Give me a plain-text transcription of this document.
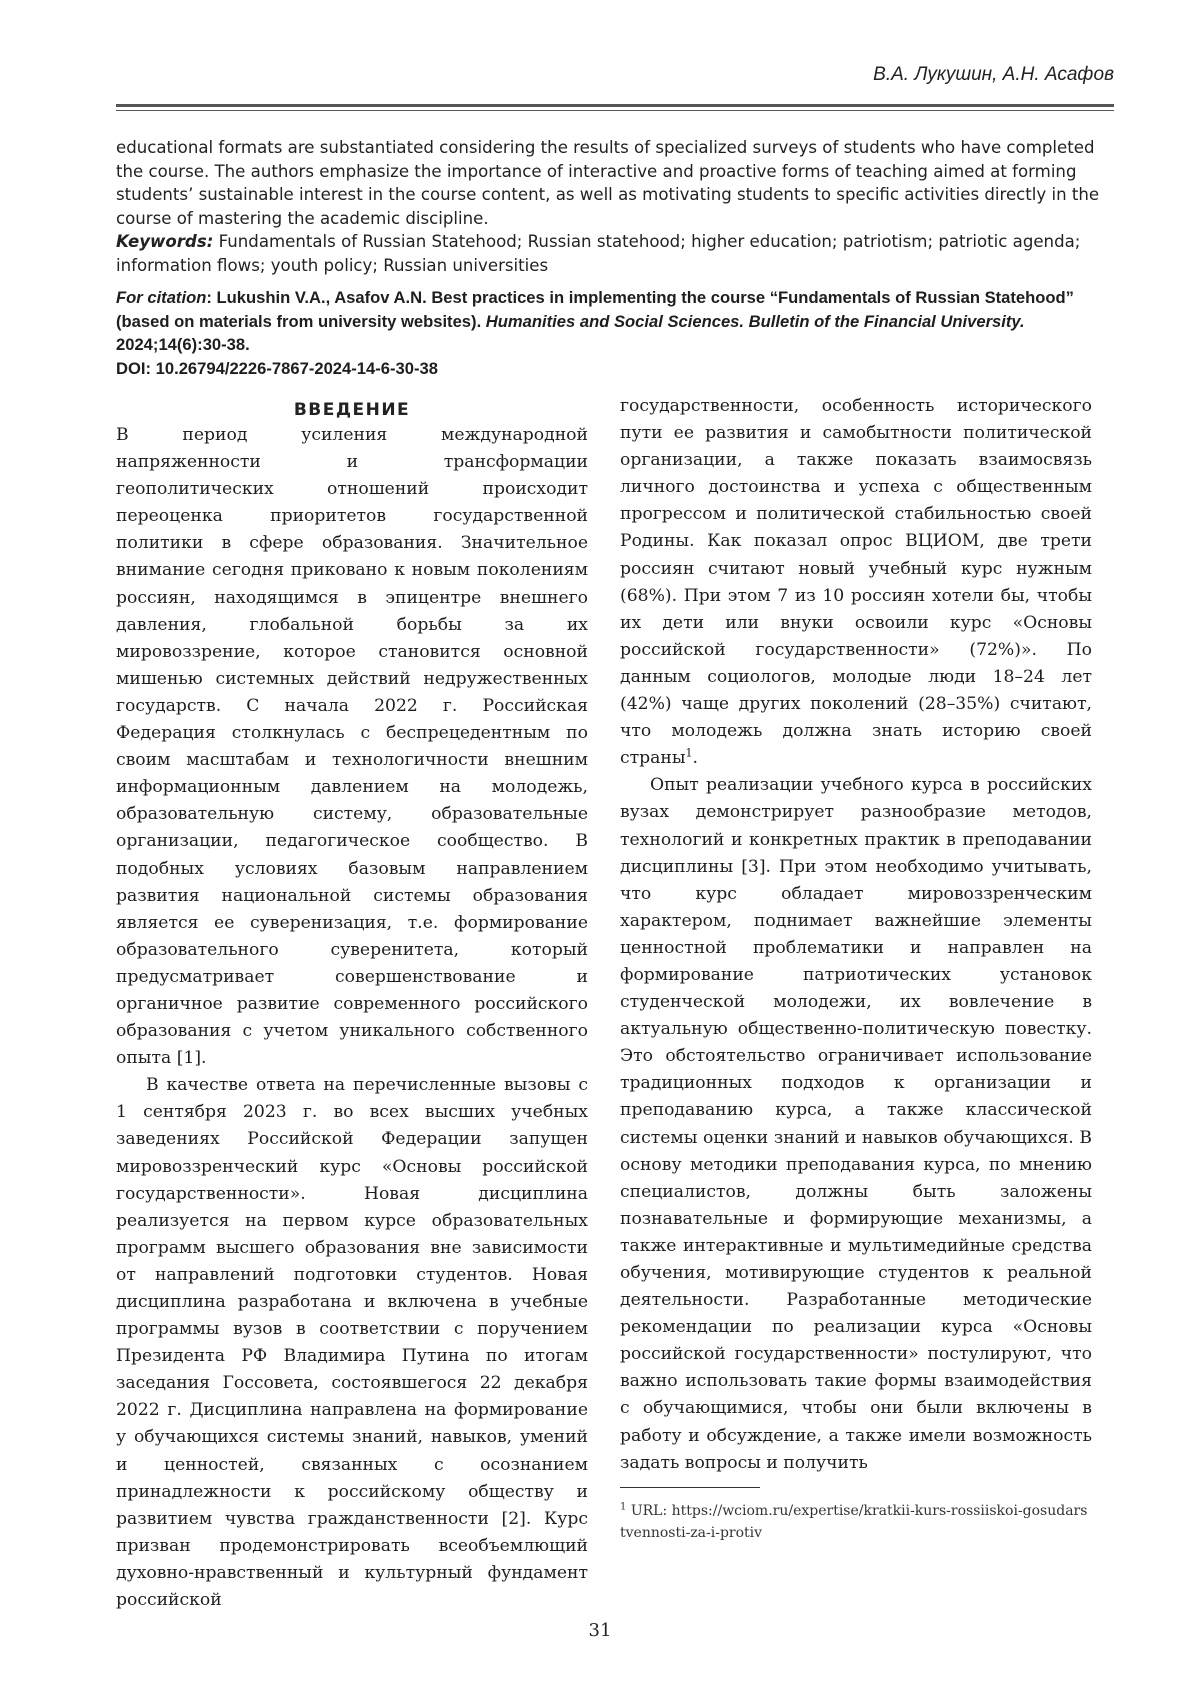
В.А. Лукушин, А.Н. Асафов

educational formats are substantiated considering the results of specialized surveys of students who have completed the course. The authors emphasize the importance of interactive and proactive forms of teaching aimed at forming students’ sustainable interest in the course content, as well as motivating students to specific activities directly in the course of mastering the academic discipline.

Keywords: Fundamentals of Russian Statehood; Russian statehood; higher education; patriotism; patriotic agenda; information flows; youth policy; Russian universities

For citation: Lukushin V.A., Asafov A.N. Best practices in implementing the course “Fundamentals of Russian Statehood” (based on materials from university websites). Humanities and Social Sciences. Bulletin of the Financial University. 2024;14(6):30-38.
DOI: 10.26794/2226-7867-2024-14-6-30-38
ВВЕДЕНИЕ

В период усиления международной напряженности и трансформации геополитических отношений происходит переоценка приоритетов государственной политики в сфере образования. Значительное внимание сегодня приковано к новым поколениям россиян, находящимся в эпицентре внешнего давления, глобальной борьбы за их мировоззрение, которое становится основной мишенью системных действий недружественных государств. С начала 2022 г. Российская Федерация столкнулась с беспрецедентным по своим масштабам и технологичности внешним информационным давлением на молодежь, образовательную систему, образовательные организации, педагогическое сообщество. В подобных условиях базовым направлением развития национальной системы образования является ее суверенизация, т.е. формирование образовательного суверенитета, который предусматривает совершенствование и органичное развитие современного российского образования с учетом уникального собственного опыта [1].

В качестве ответа на перечисленные вызовы с 1 сентября 2023 г. во всех высших учебных заведениях Российской Федерации запущен мировоззренческий курс «Основы российской государственности». Новая дисциплина реализуется на первом курсе образовательных программ высшего образования вне зависимости от направлений подготовки студентов. Новая дисциплина разработана и включена в учебные программы вузов в соответствии с поручением Президента РФ Владимира Путина по итогам заседания Госсовета, состоявшегося 22 декабря 2022 г. Дисциплина направлена на формирование у обучающихся системы знаний, навыков, умений и ценностей, связанных с осознанием принадлежности к российскому обществу и развитием чувства гражданственности [2]. Курс призван продемонстрировать всеобъемлющий духовно-нравственный и культурный фундамент российской

государственности, особенность исторического пути ее развития и самобытности политической организации, а также показать взаимосвязь личного достоинства и успеха с общественным прогрессом и политической стабильностью своей Родины. Как показал опрос ВЦИОМ, две трети россиян считают новый учебный курс нужным (68%). При этом 7 из 10 россиян хотели бы, чтобы их дети или внуки освоили курс «Основы российской государственности» (72%)». По данным социологов, молодые люди 18–24 лет (42%) чаще других поколений (28–35%) считают, что молодежь должна знать историю своей страны$^1$.

Опыт реализации учебного курса в российских вузах демонстрирует разнообразие методов, технологий и конкретных практик в преподавании дисциплины [3]. При этом необходимо учитывать, что курс обладает мировоззренческим характером, поднимает важнейшие элементы ценностной проблематики и направлен на формирование патриотических установок студенческой молодежи, их вовлечение в актуальную общественно-политическую повестку. Это обстоятельство ограничивает использование традиционных подходов к организации и преподаванию курса, а также классической системы оценки знаний и навыков обучающихся. В основу методики преподавания курса, по мнению специалистов, должны быть заложены познавательные и формирующие механизмы, а также интерактивные и мультимедийные средства обучения, мотивирующие студентов к реальной деятельности. Разработанные методические рекомендации по реализации курса «Основы российской государственности» постулируют, что важно использовать такие формы взаимодействия с обучающимися, чтобы они были включены в работу и обсуждение, а также имели возможность задать вопросы и получить

$^1$ URL: https://wciom.ru/expertise/kratkii-kurs-rossiiskoi-gosudarstvennosti-za-i-protiv
31
